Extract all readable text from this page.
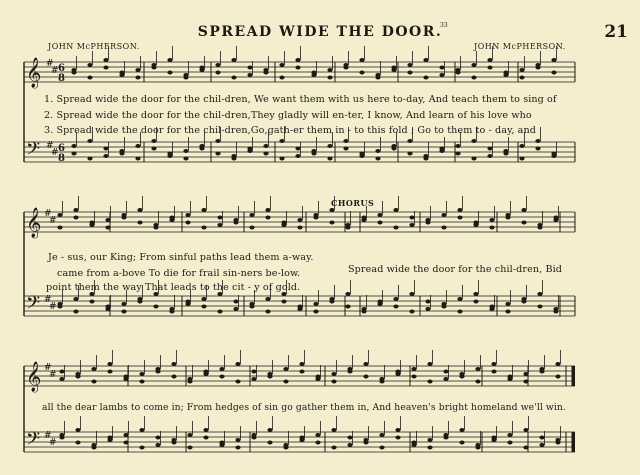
SPREAD WIDE THE DOOR.	21
33
JOHN McPHERSON.	JOHN McPHERSON.
𝄞
𝄢
#
#
#
#
6
8
6
8
𝄞
𝄢
#
#
#
#
𝄞
𝄢
#
#
#
#
1. Spread wide the door for the chil-dren, We want them with us here to-day, And teach them to sing of
2. Spread wide the door for the chil-dren,They gladly will en-ter, I know, And learn of his love who
3. Spread wide the door for the chil-dren,Go,gath-er them in - to this fold ; Go to them to - day, and
CHORUS
Je - sus, our King; From sinful paths lead them a-way.
came from a-bove To die for frail sin-ners be-low.
point them the way That leads to the cit - y of gold.
Spread wide the door for the chil-dren, Bid
all the dear lambs to come in; From hedges of sin go gather them in, And heaven's bright homeland we'll win.
